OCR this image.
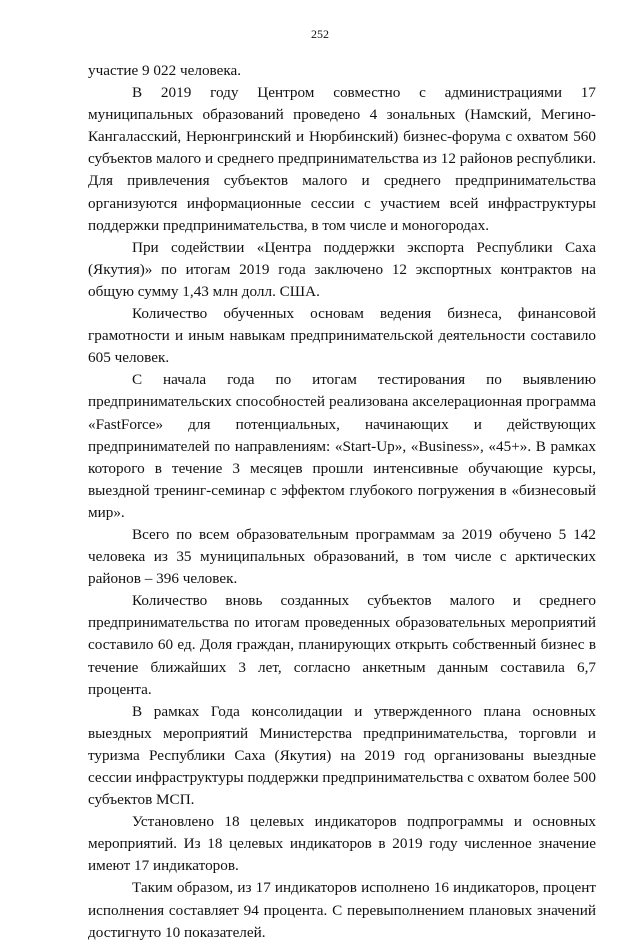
252

участие 9 022 человека.

В 2019 году Центром совместно с администрациями 17 муниципальных образований проведено 4 зональных (Намский, Мегино-Кангаласский, Нерюнгринский и Нюрбинский) бизнес-форума с охватом 560 субъектов малого и среднего предпринимательства из 12 районов республики. Для привлечения субъектов малого и среднего предпринимательства организуются информационные сессии с участием всей инфраструктуры поддержки предпринимательства, в том числе и моногородах.

При содействии «Центра поддержки экспорта Республики Саха (Якутия)» по итогам 2019 года заключено 12 экспортных контрактов на общую сумму 1,43 млн долл. США.

Количество обученных основам ведения бизнеса, финансовой грамотности и иным навыкам предпринимательской деятельности составило 605 человек.

С начала года по итогам тестирования по выявлению предпринимательских способностей реализована акселерационная программа «FastForce» для потенциальных, начинающих и действующих предпринимателей по направлениям: «Start-Up», «Business», «45+». В рамках которого в течение 3 месяцев прошли интенсивные обучающие курсы, выездной тренинг-семинар с эффектом глубокого погружения в «бизнесовый мир».

Всего по всем образовательным программам за 2019 обучено 5 142 человека из 35 муниципальных образований, в том числе с арктических районов – 396 человек.

Количество вновь созданных субъектов малого и среднего предпринимательства по итогам проведенных образовательных мероприятий составило 60 ед. Доля граждан, планирующих открыть собственный бизнес в течение ближайших 3 лет, согласно анкетным данным составила 6,7 процента.

В рамках Года консолидации и утвержденного плана основных выездных мероприятий Министерства предпринимательства, торговли и туризма Республики Саха (Якутия) на 2019 год организованы выездные сессии инфраструктуры поддержки предпринимательства с охватом более 500 субъектов МСП.

Установлено 18 целевых индикаторов подпрограммы и основных мероприятий. Из 18 целевых индикаторов в 2019 году численное значение имеют 17 индикаторов.

Таким образом, из 17 индикаторов исполнено 16 индикаторов, процент исполнения составляет 94 процента. С перевыполнением плановых значений достигнуто 10 показателей.
